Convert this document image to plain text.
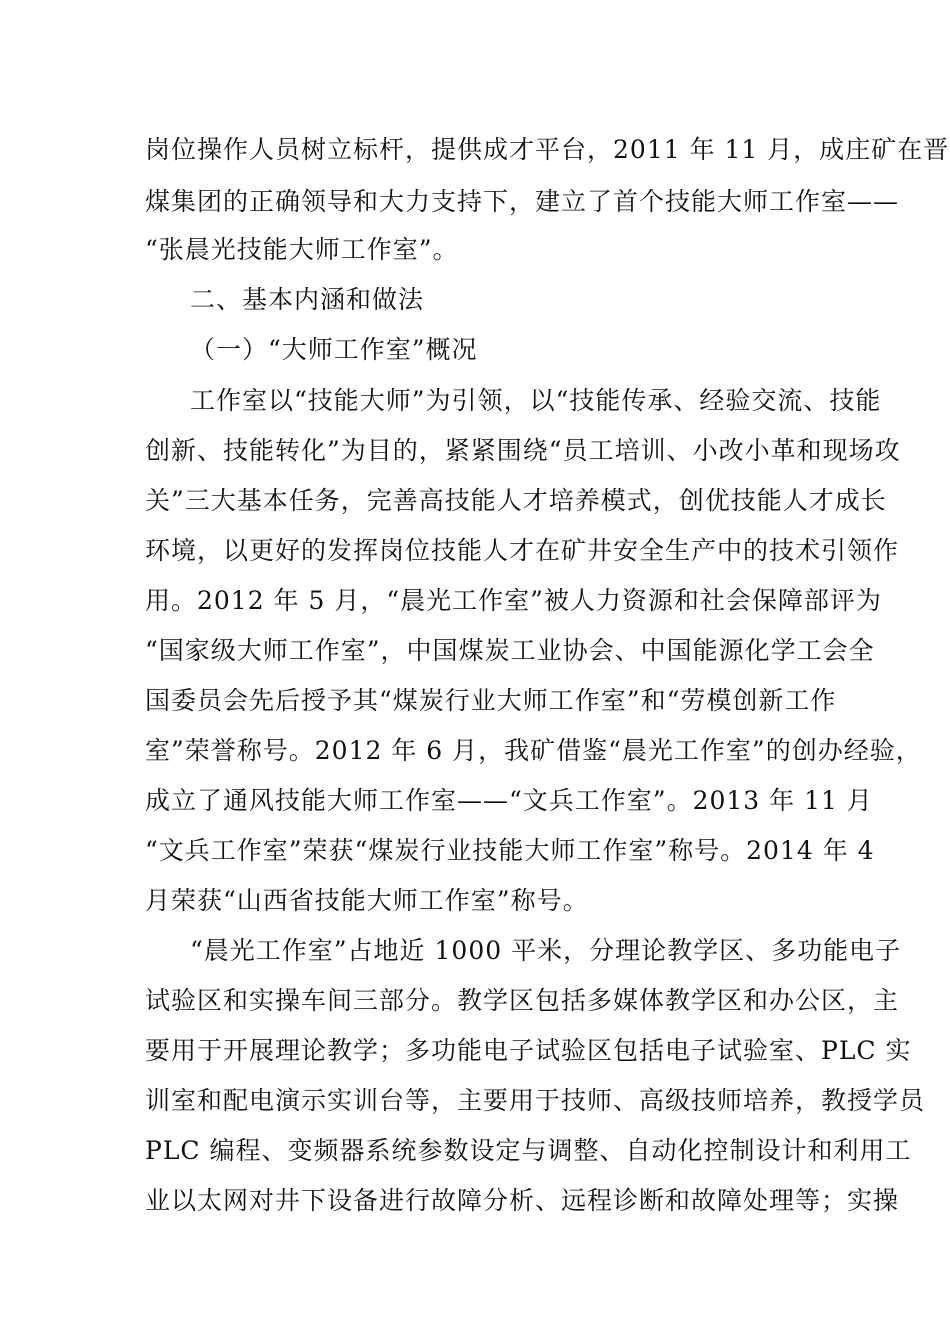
岗位操作人员树立标杆，提供成才平台，2011 年 11 月，成庄矿在晋
煤集团的正确领导和大力支持下，建立了首个技能大师工作室——
“张晨光技能大师工作室”。
二、基本内涵和做法
（一）“大师工作室”概况
工作室以“技能大师”为引领，以“技能传承、经验交流、技能
创新、技能转化”为目的，紧紧围绕“员工培训、小改小革和现场攻
关”三大基本任务，完善高技能人才培养模式，创优技能人才成长
环境，以更好的发挥岗位技能人才在矿井安全生产中的技术引领作
用。2012 年 5 月，“晨光工作室”被人力资源和社会保障部评为
“国家级大师工作室”，中国煤炭工业协会、中国能源化学工会全
国委员会先后授予其“煤炭行业大师工作室”和“劳模创新工作
室”荣誉称号。2012 年 6 月，我矿借鉴“晨光工作室”的创办经验，
成立了通风技能大师工作室——“文兵工作室”。2013 年 11 月
“文兵工作室”荣获“煤炭行业技能大师工作室”称号。2014 年 4
月荣获“山西省技能大师工作室”称号。
“晨光工作室”占地近 1000 平米，分理论教学区、多功能电子
试验区和实操车间三部分。教学区包括多媒体教学区和办公区，主
要用于开展理论教学；多功能电子试验区包括电子试验室、PLC 实
训室和配电演示实训台等，主要用于技师、高级技师培养，教授学员
PLC 编程、变频器系统参数设定与调整、自动化控制设计和利用工
业以太网对井下设备进行故障分析、远程诊断和故障处理等；实操
